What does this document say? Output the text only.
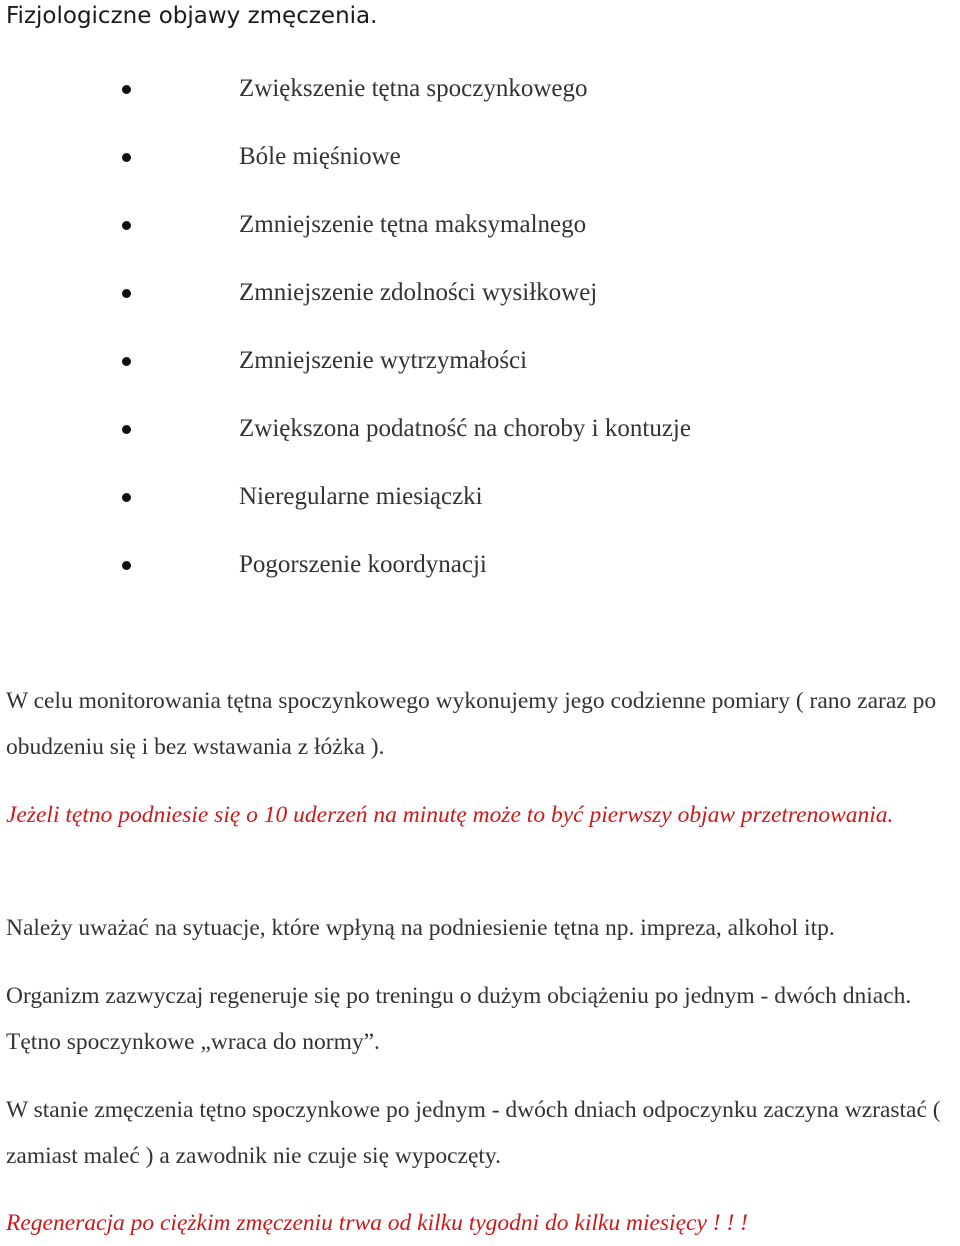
Fizjologiczne objawy zmęczenia.
Zwiększenie tętna spoczynkowego
Bóle mięśniowe
Zmniejszenie tętna maksymalnego
Zmniejszenie zdolności wysiłkowej
Zmniejszenie wytrzymałości
Zwiększona podatność na choroby i kontuzje
Nieregularne miesiączki
Pogorszenie koordynacji

W celu monitorowania tętna spoczynkowego wykonujemy jego codzienne pomiary ( rano zaraz po obudzeniu się i bez wstawania z łóżka ).

Jeżeli tętno podniesie się o 10 uderzeń na minutę może to być pierwszy objaw przetrenowania.

Należy uważać na sytuacje, które wpłyną na podniesienie tętna np. impreza, alkohol itp.

Organizm zazwyczaj regeneruje się po treningu o dużym obciążeniu po jednym - dwóch dniach. Tętno spoczynkowe „wraca do normy”.

W stanie zmęczenia tętno spoczynkowe po jednym - dwóch dniach odpoczynku zaczyna wzrastać ( zamiast maleć ) a zawodnik nie czuje się wypoczęty.

Regeneracja po ciężkim zmęczeniu trwa od kilku tygodni do kilku miesięcy ! ! !
